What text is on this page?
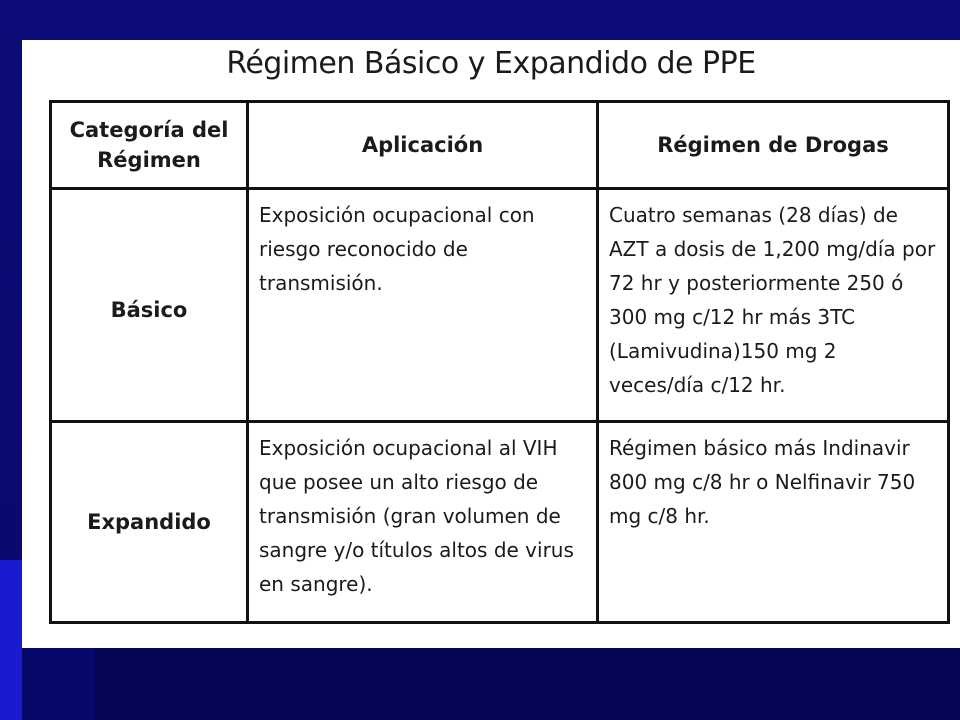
Régimen Básico y Expandido de PPE
Categoría del Régimen	Aplicación	Régimen de Drogas
Básico	Exposición ocupacional con riesgo reconocido de transmisión.	Cuatro semanas (28 días) de AZT a dosis de 1,200 mg/día por 72 hr y posteriormente 250 ó 300 mg c/12 hr más 3TC (Lamivudina)150 mg 2 veces/día c/12 hr.
Expandido	Exposición ocupacional al VIH que posee un alto riesgo de transmisión (gran volumen de sangre y/o títulos altos de virus en sangre).	Régimen básico más Indinavir 800 mg c/8 hr o Nelfinavir 750 mg c/8 hr.
